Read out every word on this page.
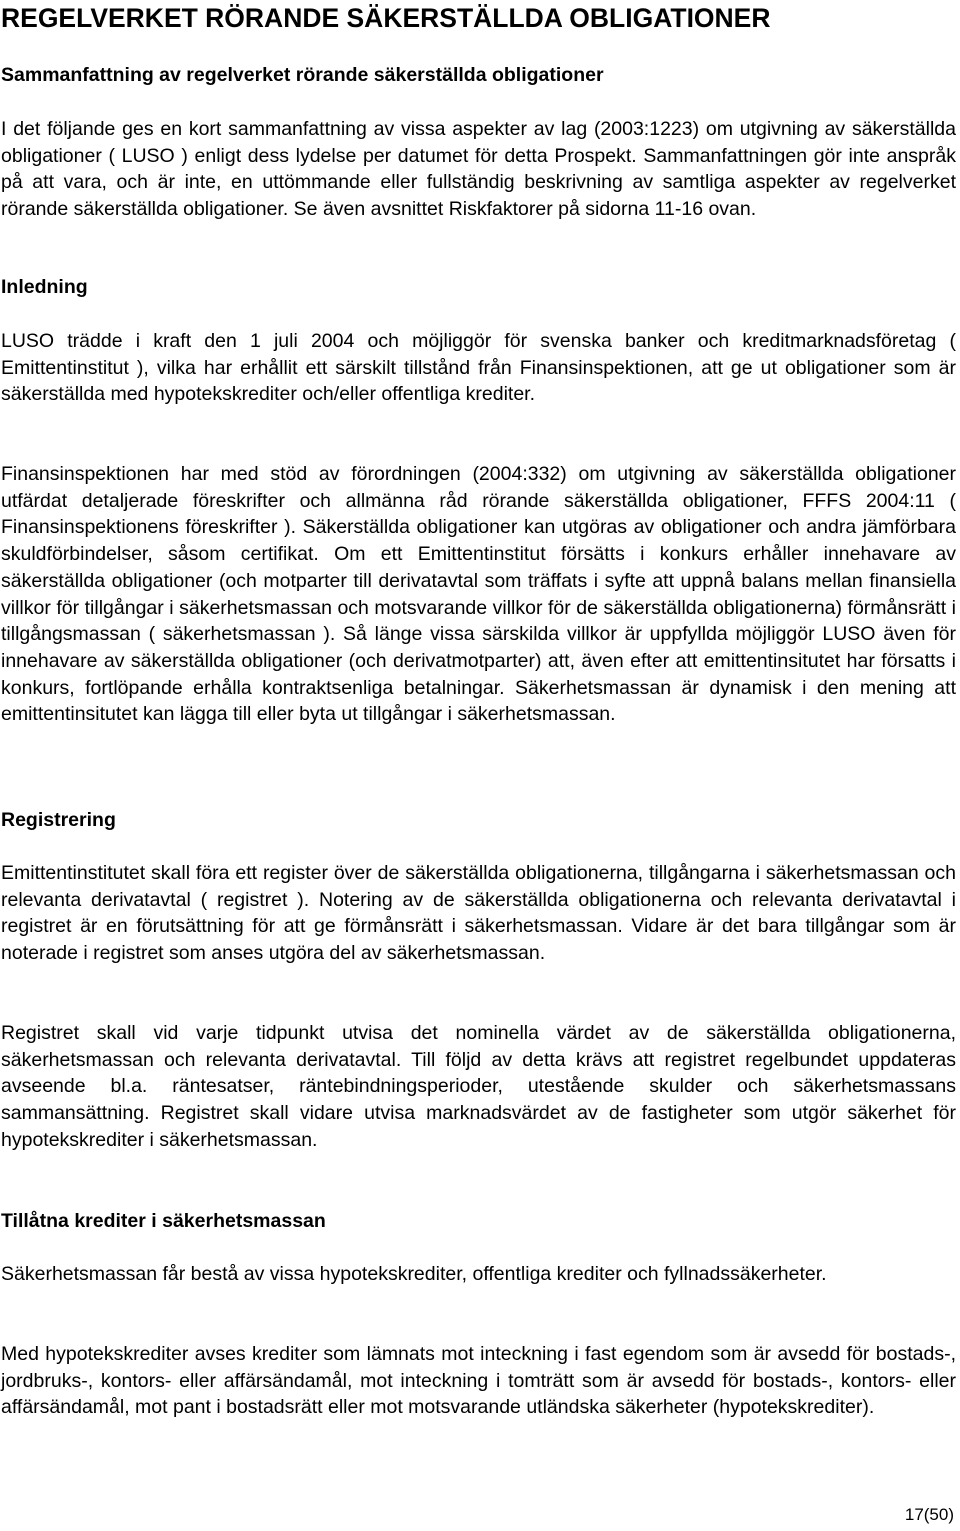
REGELVERKET RÖRANDE SÄKERSTÄLLDA OBLIGATIONER
Sammanfattning av regelverket rörande säkerställda obligationer

I det följande ges en kort sammanfattning av vissa aspekter av lag (2003:1223) om utgivning av säkerställda obligationer ( LUSO ) enligt dess lydelse per datumet för detta Prospekt. Sammanfattningen gör inte anspråk på att vara, och är inte, en uttömmande eller fullständig beskrivning av samtliga aspekter av regelverket rörande säkerställda obligationer. Se även avsnittet Riskfaktorer på sidorna 11-16 ovan.

Inledning

LUSO trädde i kraft den 1 juli 2004 och möjliggör för svenska banker och kreditmarknadsföretag ( Emittentinstitut ), vilka har erhållit ett särskilt tillstånd från Finansinspektionen, att ge ut obligationer som är säkerställda med hypotekskrediter och/eller offentliga krediter.

Finansinspektionen har med stöd av förordningen (2004:332) om utgivning av säkerställda obligationer utfärdat detaljerade föreskrifter och allmänna råd rörande säkerställda obligationer, FFFS 2004:11 ( Finansinspektionens föreskrifter ). Säkerställda obligationer kan utgöras av obligationer och andra jämförbara skuldförbindelser, såsom certifikat. Om ett Emittentinstitut försätts i konkurs erhåller innehavare av säkerställda obligationer (och motparter till derivatavtal som träffats i syfte att uppnå balans mellan finansiella villkor för tillgångar i säkerhetsmassan och motsvarande villkor för de säkerställda obligationerna) förmånsrätt i tillgångsmassan ( säkerhetsmassan ). Så länge vissa särskilda villkor är uppfyllda möjliggör LUSO även för innehavare av säkerställda obligationer (och derivatmotparter) att, även efter att emittentinsitutet har försatts i konkurs, fortlöpande erhålla kontraktsenliga betalningar. Säkerhetsmassan är dynamisk i den mening att emittentinsitutet kan lägga till eller byta ut tillgångar i säkerhetsmassan.

Registrering

Emittentinstitutet skall föra ett register över de säkerställda obligationerna, tillgångarna i säkerhetsmassan och relevanta derivatavtal ( registret ). Notering av de säkerställda obligationerna och relevanta derivatavtal i registret är en förutsättning för att ge förmånsrätt i säkerhetsmassan. Vidare är det bara tillgångar som är noterade i registret som anses utgöra del av säkerhetsmassan.

Registret skall vid varje tidpunkt utvisa det nominella värdet av de säkerställda obligationerna, säkerhetsmassan och relevanta derivatavtal. Till följd av detta krävs att registret regelbundet uppdateras avseende bl.a. räntesatser, räntebindningsperioder, utestående skulder och säkerhetsmassans sammansättning. Registret skall vidare utvisa marknadsvärdet av de fastigheter som utgör säkerhet för hypotekskrediter i säkerhetsmassan.

Tillåtna krediter i säkerhetsmassan

Säkerhetsmassan får bestå av vissa hypotekskrediter, offentliga krediter och fyllnadssäkerheter.

Med hypotekskrediter avses krediter som lämnats mot inteckning i fast egendom som är avsedd för bostads-, jordbruks-, kontors- eller affärsändamål, mot inteckning i tomträtt som är avsedd för bostads-, kontors- eller affärsändamål, mot pant i bostadsrätt eller mot motsvarande utländska säkerheter (hypotekskrediter).

17(50)
